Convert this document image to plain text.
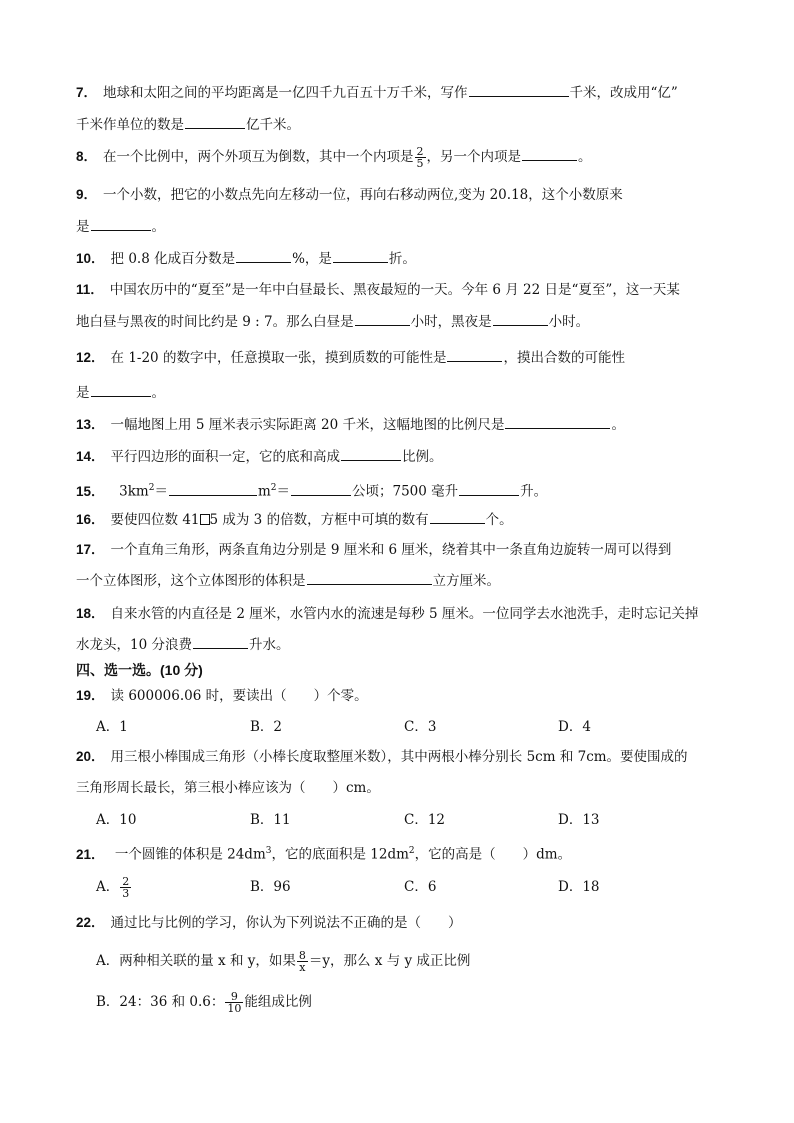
7． 地球和太阳之间的平均距离是一亿四千九百五十万千米，写作	千米，改成用“亿”
千米作单位的数是	亿千米。
8． 在一个比例中，两个外项互为倒数，其中一个内项是 $\frac{2}{5}$ ，另一个内项是	。
9． 一个小数，把它的小数点先向左移动一位，再向右移动两位,变为 20.18，这个小数原来
是	。
10． 把 0.8 化成百分数是	%，是	折。
11． 中国农历中的“夏至”是一年中白昼最长、黑夜最短的一天。今年 6 月 22 日是“夏至”，这一天某
地白昼与黑夜的时间比约是 9 : 7。那么白昼是	小时，黑夜是	小时。
12． 在 1-20 的数字中，任意摸取一张，摸到质数的可能性是	，摸出合数的可能性
是	。
13． 一幅地图上用 5 厘米表示实际距离 20 千米，这幅地图的比例尺是	。
14． 平行四边形的面积一定，它的底和高成	比例。
15． $3km^2=$	$m^2=$	公顷；7500 毫升	升。
16． 要使四位数 41 5 成为 3 的倍数，方框中可填的数有	个。
17． 一个直角三角形，两条直角边分别是 9 厘米和 6 厘米，绕着其中一条直角边旋转一周可以得到
一个立体图形，这个立体图形的体积是	立方厘米。
18． 自来水管的内直径是 2 厘米，水管内水的流速是每秒 5 厘米。一位同学去水池洗手，走时忘记关掉
水龙头，10 分浪费	升水。
四、选一选。(10 分)
19． 读 600006.06 时，要读出（　　）个零。
A．1	B．2	C．3	D．4
20． 用三根小棒围成三角形（小棒长度取整厘米数），其中两根小棒分别长 5cm 和 7cm。要使围成的
三角形周长最长，第三根小棒应该为（　　）cm。
A．10	B．11	C．12	D．13
21． 一个圆锥的体积是 $24dm^3$，它的底面积是 $12dm^2$，它的高是（　　）dm。
A． $\frac{2}{3}$	B．96	C．6	D．18
22． 通过比与比例的学习，你认为下列说法不正确的是（　　）
A．两种相关联的量 x 和 y，如果 $\frac{8}{x} =y$，那么 x 与 y 成正比例
B．24：36 和 0.6： $\frac{9}{10}$ 能组成比例
